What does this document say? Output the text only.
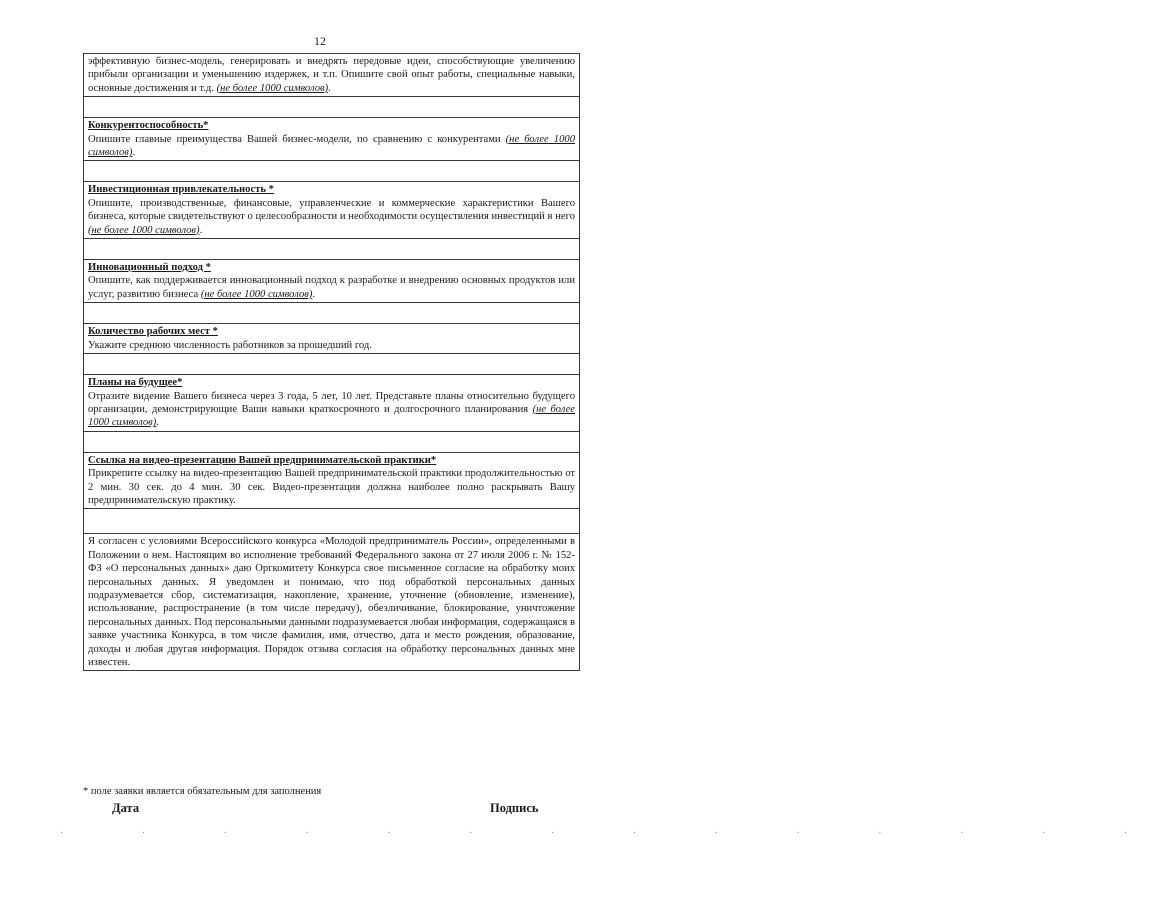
12
эффективную бизнес-модель, генерировать и внедрять передовые идеи, способствующие увеличению прибыли организации и уменьшению издержек, и т.п. Опишите свой опыт работы, специальные навыки, основные достижения и т.д. (не более 1000 символов).

Конкурентоспособность*
Опишите главные преимущества Вашей бизнес-модели, по сравнению с конкурентами (не более 1000 символов).

Инвестиционная привлекательность *
Опишите, производственные, финансовые, управленческие и коммерческие характеристики Вашего бизнеса, которые свидетельствуют о целесообразности и необходимости осуществления инвестиций в него (не более 1000 символов).

Инновационный подход *
Опишите, как поддерживается инновационный подход к разработке и внедрению основных продуктов или услуг, развитию бизнеса (не более 1000 символов).

Количество рабочих мест *
Укажите среднюю численность работников за прошедший год.

Планы на будущее*
Отразите видение Вашего бизнеса через 3 года, 5 лет, 10 лет. Представьте планы относительно будущего организации, демонстрирующие Ваши навыки краткосрочного и долгосрочного планирования (не более 1000 символов).

Ссылка на видео-презентацию Вашей предпринимательской практики*
Прикрепите ссылку на видео-презентацию Вашей предпринимательской практики продолжительностью от 2 мин. 30 сек. до 4 мин. 30 сек. Видео-презентация должна наиболее полно раскрывать Вашу предпринимательскую практику.

Я согласен с условиями Всероссийского конкурса «Молодой предприниматель России», определенными в Положении о нем. Настоящим во исполнение требований Федерального закона от 27 июля 2006 г. № 152-ФЗ «О персональных данных» даю Оргкомитету Конкурса свое письменное согласие на обработку моих персональных данных. Я уведомлен и понимаю, что под обработкой персональных данных подразумевается сбор, систематизация, накопление, хранение, уточнение (обновление, изменение), использование, распространение (в том числе передачу), обезличивание, блокирование, уничтожение персональных данных. Под персональными данными подразумевается любая информация, содержащаяся в заявке участника Конкурса, в том числе фамилия, имя, отчество, дата и место рождения, образование, доходы и любая другая информация. Порядок отзыва согласия на обработку персональных данных мне известен.
* поле заявки является обязательным для заполнения
Дата	Подпись
· · · · · · · · · · · · · ·
